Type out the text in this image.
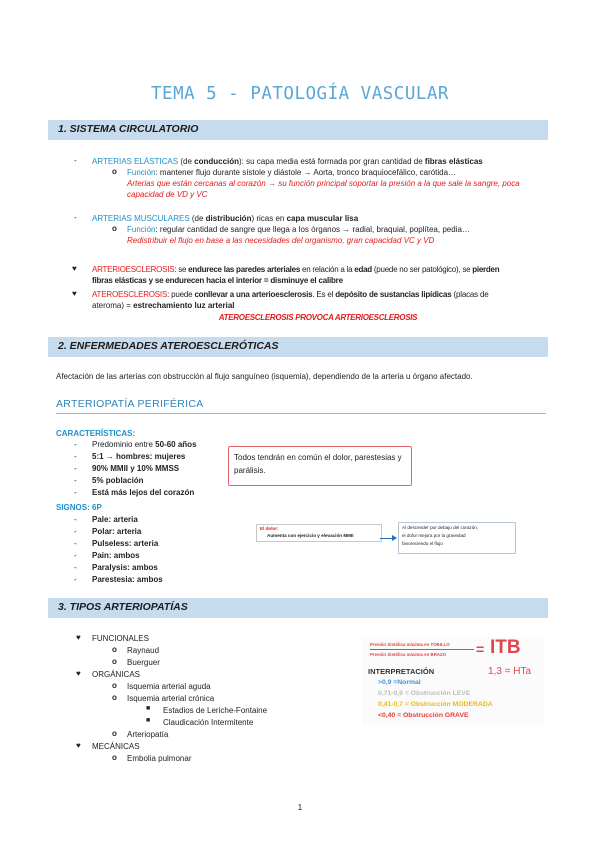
TEMA 5 - PATOLOGÍA VASCULAR
1. SISTEMA CIRCULATORIO
- ARTERIAS ELÁSTICAS (de conducción): su capa media está formada por gran cantidad de fibras elásticas
o Función: mantener flujo durante sístole y diástole → Aorta, tronco braquiocefálico, carótida…
Arterias que están cercanas al corazón → su función principal soportar la presión a la que sale la sangre, poca
capacidad de VD y VC
- ARTERIAS MUSCULARES (de distribución) ricas en capa muscular lisa
o Función: regular cantidad de sangre que llega a los órganos → radial, braquial, poplítea, pedia…
Redistribuir el flujo en base a las necesidades del organismo, gran capacidad VC y VD
♥ ARTERIOESCLEROSIS: se endurece las paredes arteriales en relación a la edad (puede no ser patológico), se pierden
fibras elásticas y se endurecen hacia el interior = disminuye el calibre
♥ ATEROESCLEROSIS: puede conllevar a una arterioesclerosis. Es el depósito de sustancias lipídicas (placas de
ateroma) = estrechamiento luz arterial
ATEROESCLEROSIS PROVOCA ARTERIOESCLEROSIS
2. ENFERMEDADES ATEROESCLERÓTICAS
Afectación de las arterias con obstrucción al flujo sanguíneo (isquemia), dependiendo de la arteria u órgano afectado.
ARTERIOPATÍA PERIFÉRICA
CARACTERÍSTICAS:
- Predominio entre 50-60 años
- 5:1 → hombres: mujeres
- 90% MMII y 10% MMSS
- 5% población
- Está más lejos del corazón
SIGNOS: 6P
- Pale: arteria
- Polar: arteria
- Pulseless: arteria
- Pain: ambos
- Paralysis: ambos
- Parestesia: ambos
Todos tendrán en común el dolor, parestesias y parálisis.
El dolor:
Aumenta con ejercicio y elevación MMII
Al descender por debajo del corazón,
el dolor mejora por la gravedad
favoreciendo el flujo
3. TIPOS ARTERIOPATÍAS
♥ FUNCIONALES
o Raynaud
o Buerguer
♥ ORGÁNICAS
o Isquemia arterial aguda
o Isquemia arterial crónica
■ Estadios de Leriche-Fontaine
■ Claudicación Intermitente
o Arteriopatía
♥ MECÁNICAS
o Embolia pulmonar
Presión Sistólica máxima en TOBILLO
Presión Sistólica máxima en BRAZO = ITB
INTERPRETACIÓN	1,3 = HTa
>0,9 =Normal
0,71-0,9 = Obstrucción LEVE
0,41-0,7 = Obstrucción MODERADA
<0,40 = Obstrucción GRAVE
1
